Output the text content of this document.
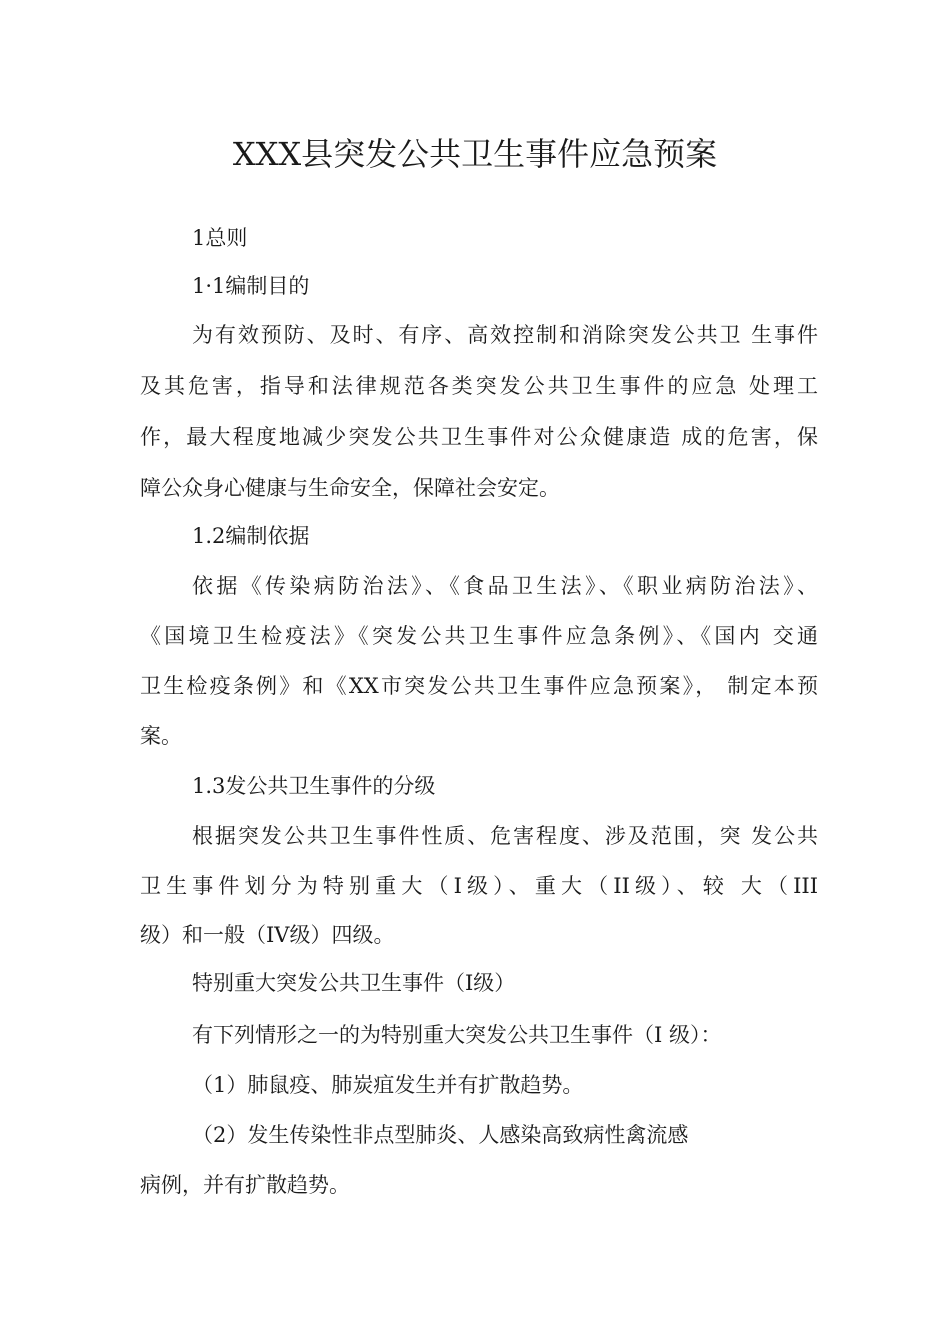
XXX县突发公共卫生事件应急预案
1总则
1·1编制目的
为有效预防、及时、有序、高效控制和消除突发公共卫 生事件
及其危害，指导和法律规范各类突发公共卫生事件的应急 处理工
作，最大程度地减少突发公共卫生事件对公众健康造 成的危害，保
障公众身心健康与生命安全，保障社会安定。
1.2编制依据
依据《传染病防治法》、《食品卫生法》、《职业病防治法》、
《国境卫生检疫法》《突发公共卫生事件应急条例》、《国内 交通
卫生检疫条例》和《XX市突发公共卫生事件应急预案》， 制定本预
案。
1.3发公共卫生事件的分级
根据突发公共卫生事件性质、危害程度、涉及范围，突 发公共
卫生事件划分为特别重大（I级）、重大（II级）、较 大（III
级）和一般（IV级）四级。
特别重大突发公共卫生事件（I级）
有下列情形之一的为特别重大突发公共卫生事件（I 级）：
（1）肺鼠疫、肺炭疽发生并有扩散趋势。
（2）发生传染性非点型肺炎、人感染高致病性禽流感
病例，并有扩散趋势。
